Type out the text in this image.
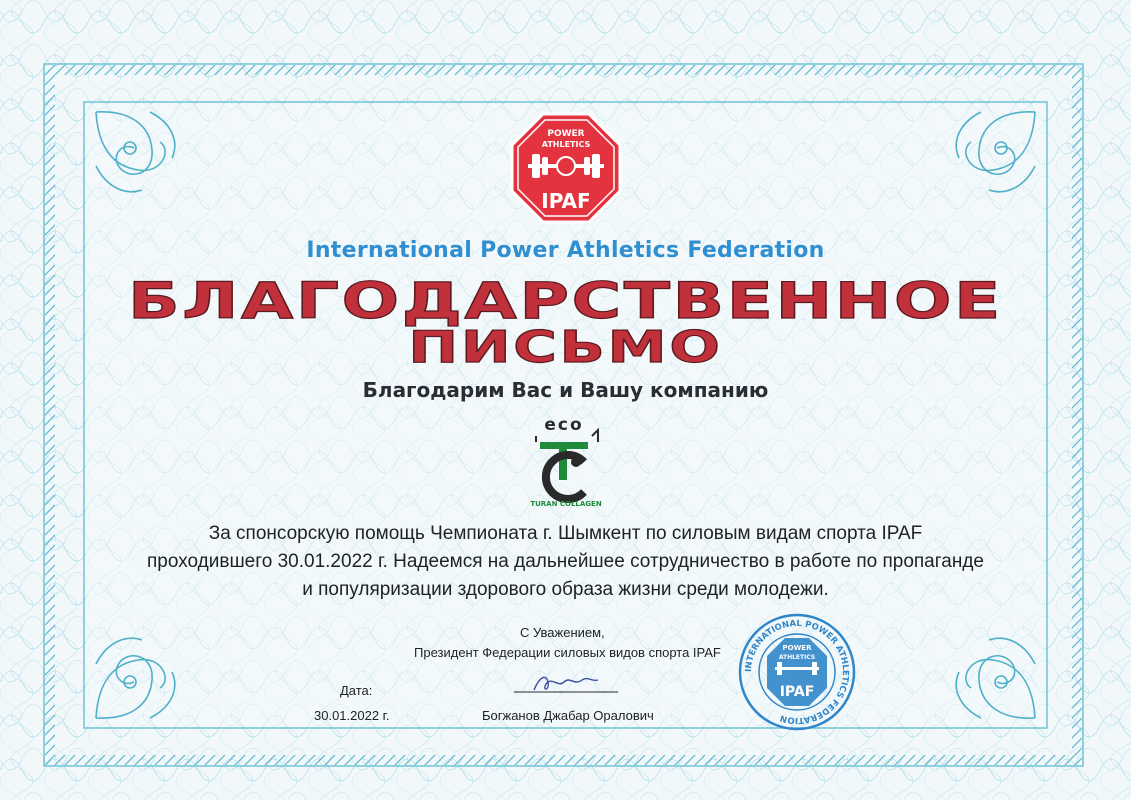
POWER
ATHLETICS
IPAF
International Power Athletics Federation
БЛАГОДАРСТВЕННОЕ
ПИСЬМО
Благодарим Вас и Вашу компанию
eco
TURAN COLLAGEN
За спонсорскую помощь Чемпионата г. Шымкент по силовым видам спорта IPAF
проходившего 30.01.2022 г. Надеемся на дальнейшее сотрудничество в работе по пропаганде
и популяризации здорового образа жизни среди молодежи.
С Уважением,
Президент Федерации силовых видов спорта IPAF
Дата:
30.01.2022 г.	Богжанов Джабар Оралович
INTERNATIONAL POWER ATHLETICS FEDERATION
POWER
ATHLETICS
IPAF
